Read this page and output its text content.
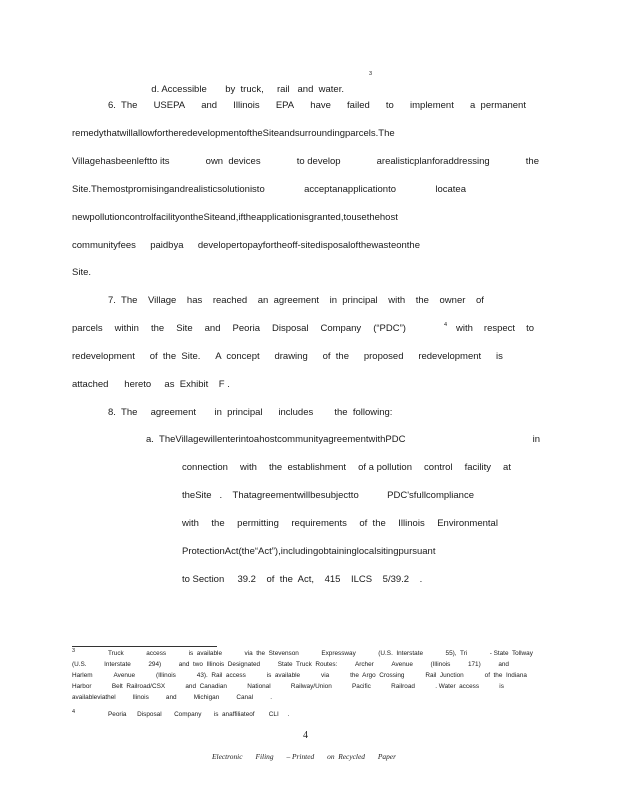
d. Accessible       by  truck,     rail   and  water.

$^3$
6.  The USEPA and Illinois EPA have failed to implement a  permanent
remedythatwillallowfortheredevelopmentoftheSiteandsurroundingparcels.The
Villagehasbeenleftto its	own  devices	to develop	arealisticplanforaddressing	the
Site.Themostpromisingandrealisticsolutionisto	acceptanapplicationto	locatea
newpollutioncontrolfacilityontheSiteand,iftheapplicationisgranted,tousethehost
communityfees paidbya developertopayfortheoff-sitedisposalofthewasteonthe
Site.
7.  The Village has reached an  agreement in  principal with the owner of
parcels within the Site and Peoria Disposal Company (“PDC”)	$^4$ with respect to
redevelopment of  the  Site. A  concept drawing of  the proposed redevelopment is
attached      hereto     as  Exhibit    F .
8.  The     agreement       in  principal      includes        the  following:
a.  TheVillagewillenterintoahostcommunityagreementwithPDC	in
connection with the  establishment of a pollution control facility at
theSite   .    Thatagreementwillbesubjectto	PDC'sfullcompliance
with the permitting requirements of  the Illinois Environmental
ProtectionAct(the“Act”),includingobtaininglocalsitingpursuant
to Section     39.2    of  the  Act,    415    ILCS    5/39.2    .
$^3$	Truck	access	is  available	via  the  Stevenson	Expressway	(U.S.  Interstate	55),  Tri	- State  Tollway
(U.S.	Interstate	294)	and  two  Illinois  Designated	State  Truck  Routes:	Archer	Avenue	(Illinois	171)	and
Harlem	Avenue	(Illinois	43).  Rail  access	is  available	via	the  Argo  Crossing	Rail  Junction	of  the  Indiana
Harbor	Belt  Railroad/CSX	and  Canadian	National	Railway/Union	Pacific	Railroad	. Water  access	is
availableviathel	llinois	and	Michigan	Canal	.
$^4$	Peoria      Disposal       Company       is  anaffiliateof        CLI     .
4
Electronic Filing – Printed on  Recycled Paper
